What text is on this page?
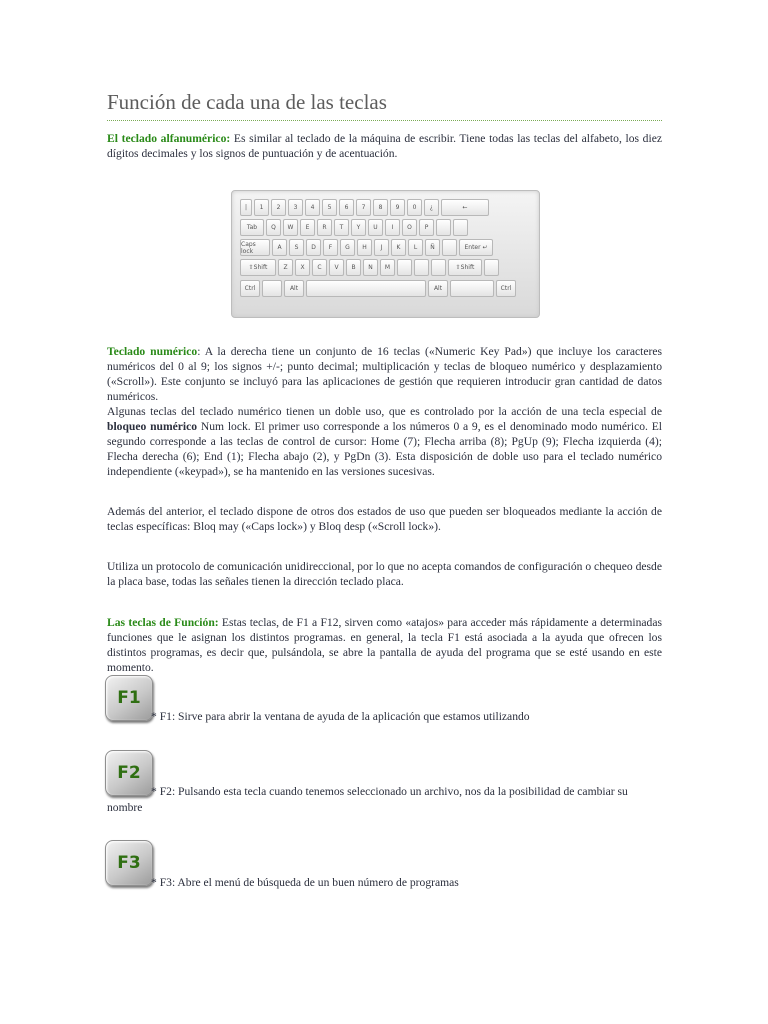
Función de cada una de las teclas

El teclado alfanumérico: Es similar al teclado de la máquina de escribir. Tiene todas las teclas del alfabeto, los diez dígitos decimales y los signos de puntuación y de acentuación.

|	1	2	3	4	5	6	7	8	9	0	¿	←
Tab	Q	W	E	R	T	Y	U	I	O	P
Caps lock	A	S	D	F	G	H	J	K	L	Ñ	Enter ↵
⇧Shift	Z	X	C	V	B	N	M	⇧Shift
Ctrl	Alt	Alt	Ctrl

Teclado numérico: A la derecha tiene un conjunto de 16 teclas («Numeric Key Pad») que incluye los caracteres numéricos del 0 al 9; los signos +/-; punto decimal; multiplicación y teclas de bloqueo numérico y desplazamiento («Scroll»). Este conjunto se incluyó para las aplicaciones de gestión que requieren introducir gran cantidad de datos numéricos.
Algunas teclas del teclado numérico tienen un doble uso, que es controlado por la acción de una tecla especial de bloqueo numérico Num lock. El primer uso corresponde a los números 0 a 9, es el denominado modo numérico. El segundo corresponde a las teclas de control de cursor: Home (7); Flecha arriba (8); PgUp (9); Flecha izquierda (4); Flecha derecha (6); End (1); Flecha abajo (2), y PgDn (3). Esta disposición de doble uso para el teclado numérico independiente («keypad»), se ha mantenido en las versiones sucesivas.

Además del anterior, el teclado dispone de otros dos estados de uso que pueden ser bloqueados mediante la acción de teclas específicas: Bloq may («Caps lock») y Bloq desp («Scroll lock»).

Utiliza un protocolo de comunicación unidireccional, por lo que no acepta comandos de configuración o chequeo desde la placa base, todas las señales tienen la dirección teclado placa.

Las teclas de Función: Estas teclas, de F1 a F12, sirven como «atajos» para acceder más rápidamente a determinadas funciones que le asignan los distintos programas. en general, la tecla F1 está asociada a la ayuda que ofrecen los distintos programas, es decir que, pulsándola, se abre la pantalla de ayuda del programa que se esté usando en este momento.

F1

* F1: Sirve para abrir la ventana de ayuda de la aplicación que estamos utilizando

F2

* F2: Pulsando esta tecla cuando tenemos seleccionado un archivo, nos da la posibilidad de cambiar su nombre

F3

* F3: Abre el menú de búsqueda de un buen número de programas
